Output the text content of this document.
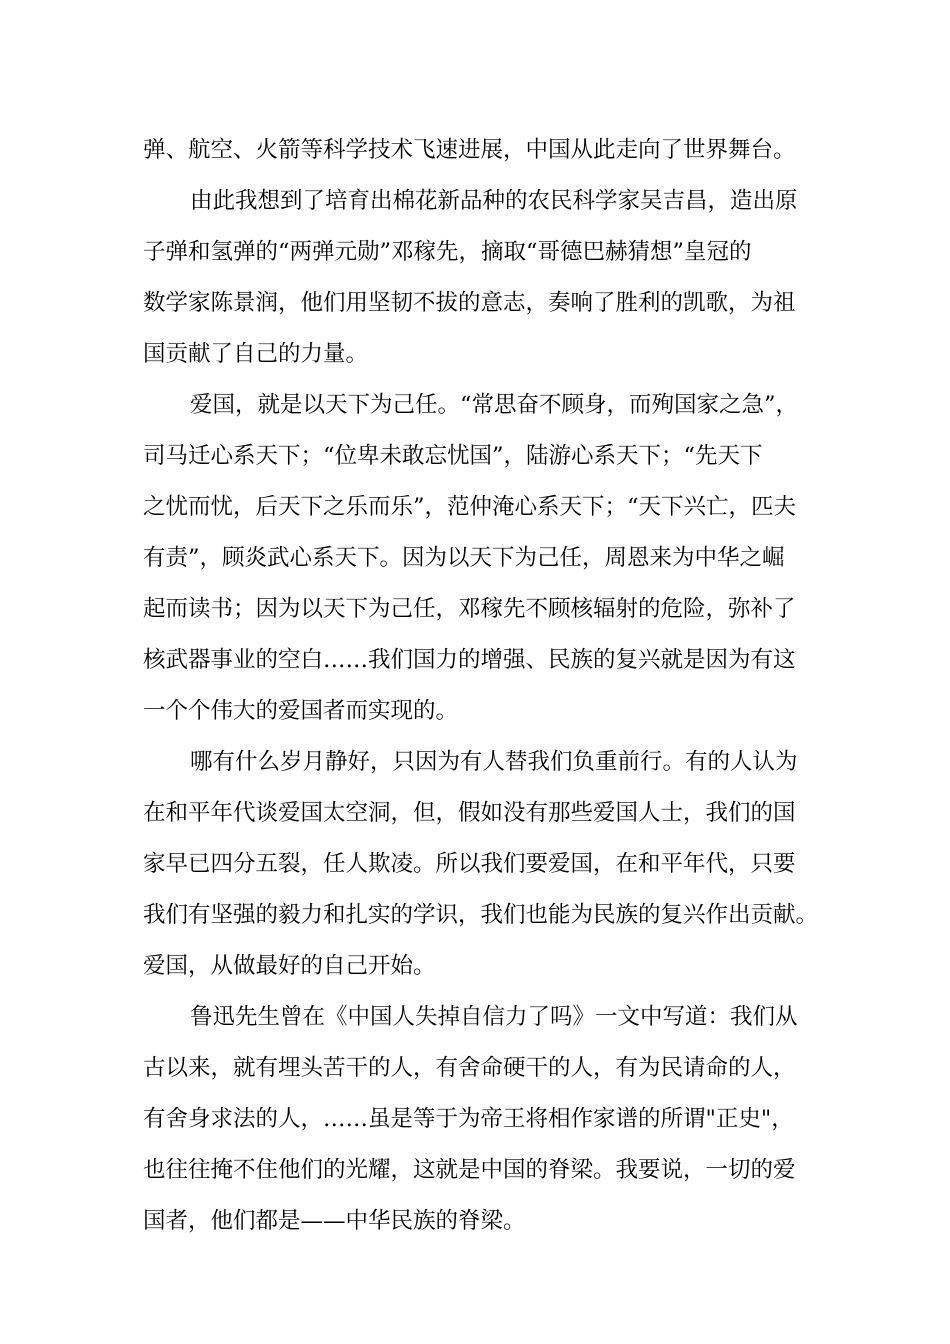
弹、航空、火箭等科学技术飞速进展，中国从此走向了世界舞台。
由此我想到了培育出棉花新品种的农民科学家吴吉昌，造出原
子弹和氢弹的“两弹元勋”邓稼先，摘取“哥德巴赫猜想”皇冠的
数学家陈景润，他们用坚韧不拔的意志，奏响了胜利的凯歌，为祖
国贡献了自己的力量。
爱国，就是以天下为己任。“常思奋不顾身，而殉国家之急”，
司马迁心系天下；“位卑未敢忘忧国”，陆游心系天下；“先天下
之忧而忧，后天下之乐而乐”，范仲淹心系天下；“天下兴亡，匹夫
有责”，顾炎武心系天下。因为以天下为己任，周恩来为中华之崛
起而读书；因为以天下为己任，邓稼先不顾核辐射的危险，弥补了
核武器事业的空白……我们国力的增强、民族的复兴就是因为有这
一个个伟大的爱国者而实现的。
哪有什么岁月静好，只因为有人替我们负重前行。有的人认为
在和平年代谈爱国太空洞，但，假如没有那些爱国人士，我们的国
家早已四分五裂，任人欺凌。所以我们要爱国，在和平年代，只要
我们有坚强的毅力和扎实的学识，我们也能为民族的复兴作出贡献。
爱国，从做最好的自己开始。
鲁迅先生曾在《中国人失掉自信力了吗》一文中写道：我们从
古以来，就有埋头苦干的人，有舍命硬干的人，有为民请命的人，
有舍身求法的人，……虽是等于为帝王将相作家谱的所谓"正史"，
也往往掩不住他们的光耀，这就是中国的脊梁。我要说，一切的爱
国者，他们都是——中华民族的脊梁。
